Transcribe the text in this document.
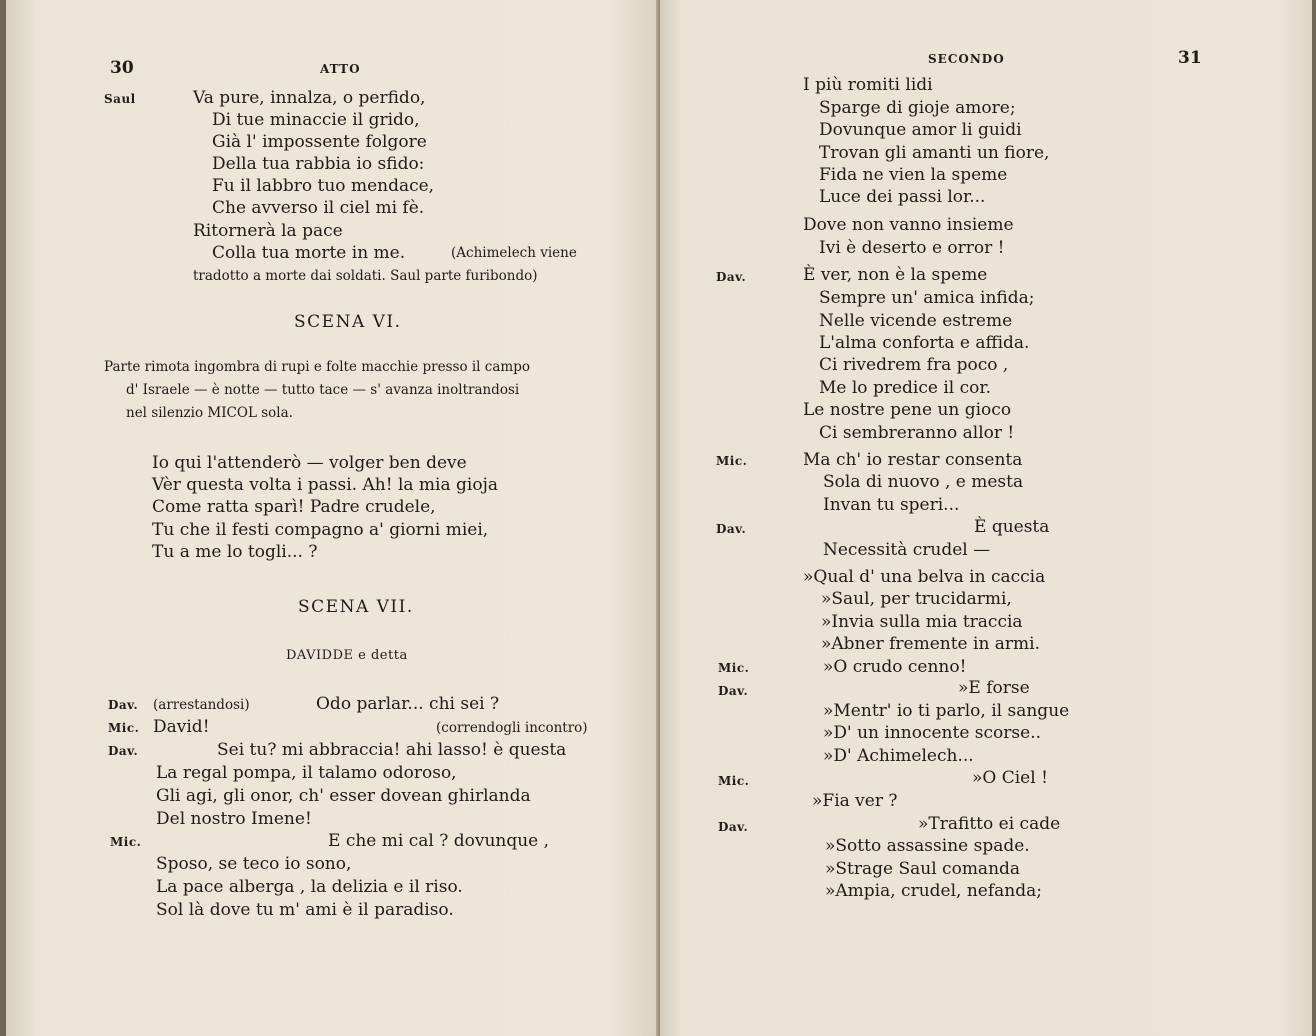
30	ATTO
Saul	Va pure, innalza, o perfido,
Di tue minaccie il grido,
Già l' impossente folgore
Della tua rabbia io sfido:
Fu il labbro tuo mendace,
Che avverso il ciel mi fè.
Ritornerà la pace
Colla tua morte in me.	(Achimelech viene
tradotto a morte dai soldati. Saul parte furibondo)
SCENA VI.
Parte rimota ingombra di rupi e folte macchie presso il campo
d' Israele — è notte — tutto tace — s' avanza inoltrandosi
nel silenzio MICOL sola.
Io qui l'attenderò — volger ben deve
Vèr questa volta i passi. Ah! la mia gioja
Come ratta sparì! Padre crudele,
Tu che il festi compagno a' giorni miei,
Tu a me lo togli... ?
SCENA VII.
DAVIDDE e detta
Dav. (arrestandosi)	Odo parlar... chi sei ?
Mic. David!	(correndogli incontro)
Dav.	Sei tu? mi abbraccia! ahi lasso! è questa
La regal pompa, il talamo odoroso,
Gli agi, gli onor, ch' esser dovean ghirlanda
Del nostro Imene!
Mic.	E che mi cal ? dovunque ,
Sposo, se teco io sono,
La pace alberga , la delizia e il riso.
Sol là dove tu m' ami è il paradiso.
SECONDO	31
I più romiti lidi
Sparge di gioje amore;
Dovunque amor li guidi
Trovan gli amanti un fiore,
Fida ne vien la speme
Luce dei passi lor...
Dove non vanno insieme
Ivi è deserto e orror !
Dav.	È ver, non è la speme
Sempre un' amica infida;
Nelle vicende estreme
L'alma conforta e affida.
Ci rivedrem fra poco ,
Me lo predice il cor.
Le nostre pene un gioco
Ci sembreranno allor !
Mic.	Ma ch' io restar consenta
Sola di nuovo , e mesta
Invan tu speri...
Dav.	È questa
Necessità crudel —
»Qual d' una belva in caccia
»Saul, per trucidarmi,
»Invia sulla mia traccia
»Abner fremente in armi.
Mic.	»O crudo cenno!
Dav.	»E forse
»Mentr' io ti parlo, il sangue
»D' un innocente scorse..
»D' Achimelech...
Mic.	»O Ciel !
»Fia ver ?
Dav.	»Trafitto ei cade
»Sotto assassine spade.
»Strage Saul comanda
»Ampia, crudel, nefanda;
